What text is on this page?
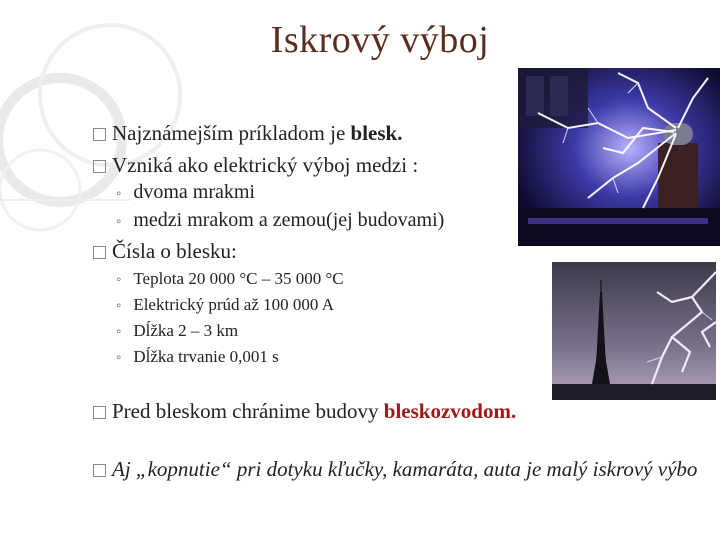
Iskrový výboj
Najznámejším príkladom je blesk.
Vzniká ako elektrický výboj medzi :
◦ dvoma mrakmi
◦ medzi mrakom a zemou(jej budovami)
Čísla o blesku:
◦ Teplota 20 000 °C – 35 000 °C
◦ Elektrický prúd až 100 000 A
◦ Dĺžka 2 – 3 km
◦ Dĺžka trvanie 0,001 s
Pred bleskom chránime budovy bleskozvodom.
Aj „kopnutie“ pri dotyku kľučky, kamaráta, auta je malý iskrový výbo
